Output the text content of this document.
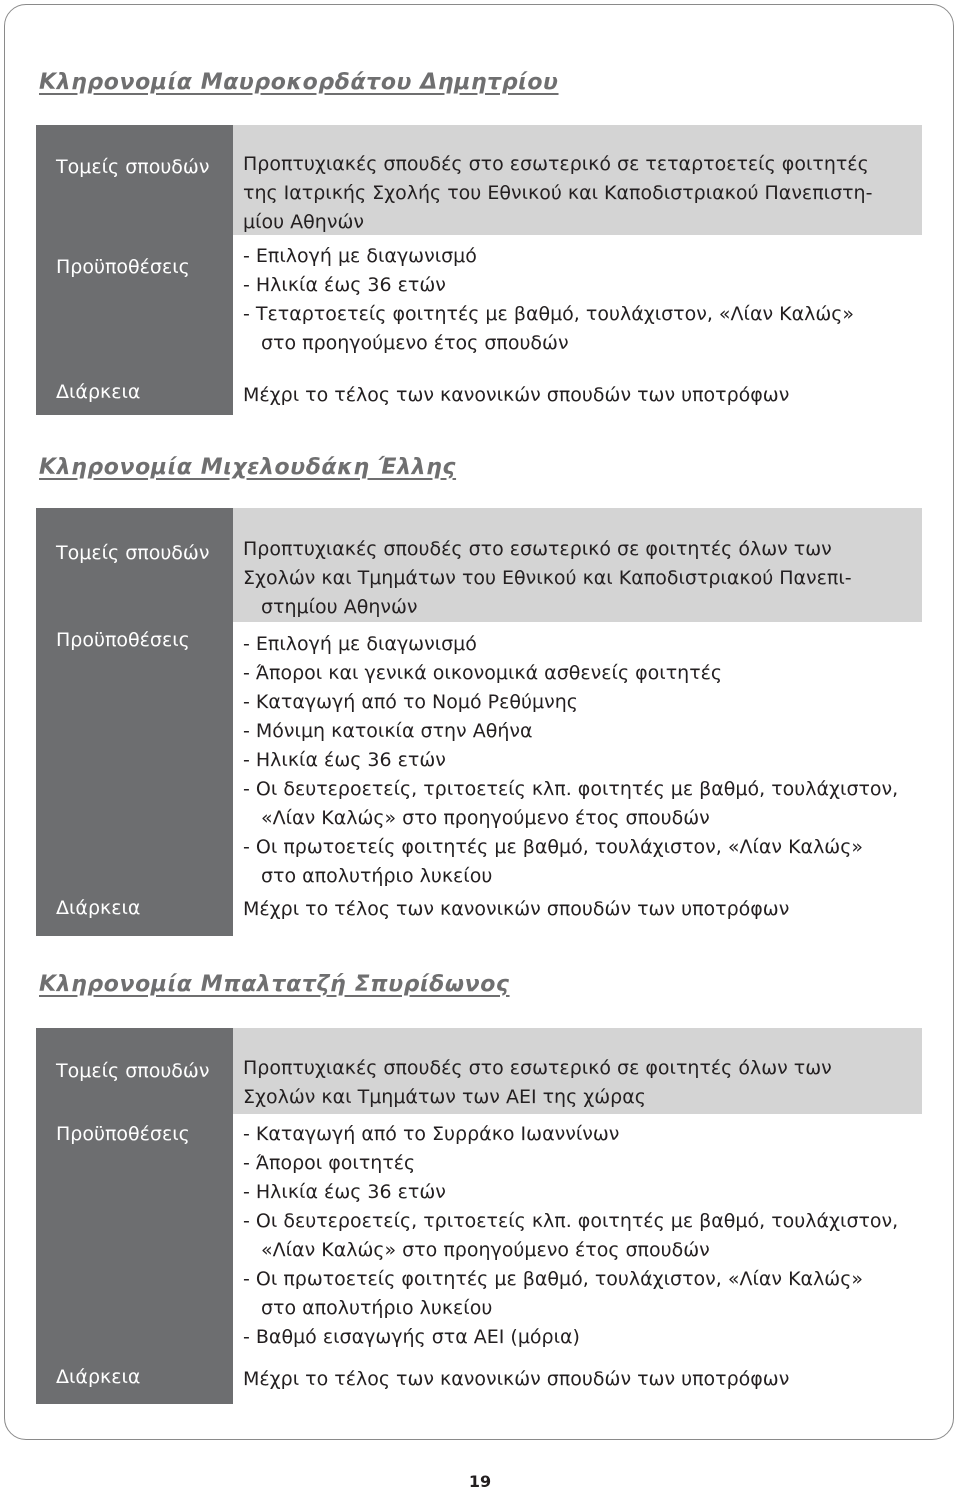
Κληρονομία Μαυροκορδάτου Δημητρίου
Τομείς σπουδών
Προϋποθέσεις
Διάρκεια
Προπτυχιακές σπουδές στο εσωτερικό σε τεταρτοετείς φοιτητές
της Ιατρικής Σχολής του Εθνικού και Καποδιστριακού Πανεπιστη-
μίου Αθηνών
- Επιλογή με διαγωνισμό
- Ηλικία έως 36 ετών
- Τεταρτοετείς φοιτητές με βαθμό, τουλάχιστον, «Λίαν Καλώς»
στο προηγούμενο έτος σπουδών
Μέχρι το τέλος των κανονικών σπουδών των υποτρόφων
Κληρονομία Μιχελουδάκη Έλλης
Τομείς σπουδών
Προϋποθέσεις
Διάρκεια
Προπτυχιακές σπουδές στο εσωτερικό σε φοιτητές όλων των
Σχολών και Τμημάτων του Εθνικού και Καποδιστριακού Πανεπι-
στημίου Αθηνών
- Επιλογή με διαγωνισμό
- Άποροι και γενικά οικονομικά ασθενείς φοιτητές
- Καταγωγή από το Νομό Ρεθύμνης
- Μόνιμη κατοικία στην Αθήνα
- Ηλικία έως 36 ετών
- Οι δευτεροετείς, τριτοετείς κλπ. φοιτητές με βαθμό, τουλάχιστον,
«Λίαν Καλώς» στο προηγούμενο έτος σπουδών
- Οι πρωτοετείς φοιτητές με βαθμό, τουλάχιστον, «Λίαν Καλώς»
στο απολυτήριο λυκείου
Μέχρι το τέλος των κανονικών σπουδών των υποτρόφων
Κληρονομία Μπαλτατζή Σπυρίδωνος
Τομείς σπουδών
Προϋποθέσεις
Διάρκεια
Προπτυχιακές σπουδές στο εσωτερικό σε φοιτητές όλων των
Σχολών και Τμημάτων των ΑΕΙ της χώρας
- Καταγωγή από το Συρράκο Ιωαννίνων
- Άποροι φοιτητές
- Ηλικία έως 36 ετών
- Οι δευτεροετείς, τριτοετείς κλπ. φοιτητές με βαθμό, τουλάχιστον,
«Λίαν Καλώς» στο προηγούμενο έτος σπουδών
- Οι πρωτοετείς φοιτητές με βαθμό, τουλάχιστον, «Λίαν Καλώς»
στο απολυτήριο λυκείου
- Βαθμό εισαγωγής στα ΑΕΙ (μόρια)
Μέχρι το τέλος των κανονικών σπουδών των υποτρόφων
19
